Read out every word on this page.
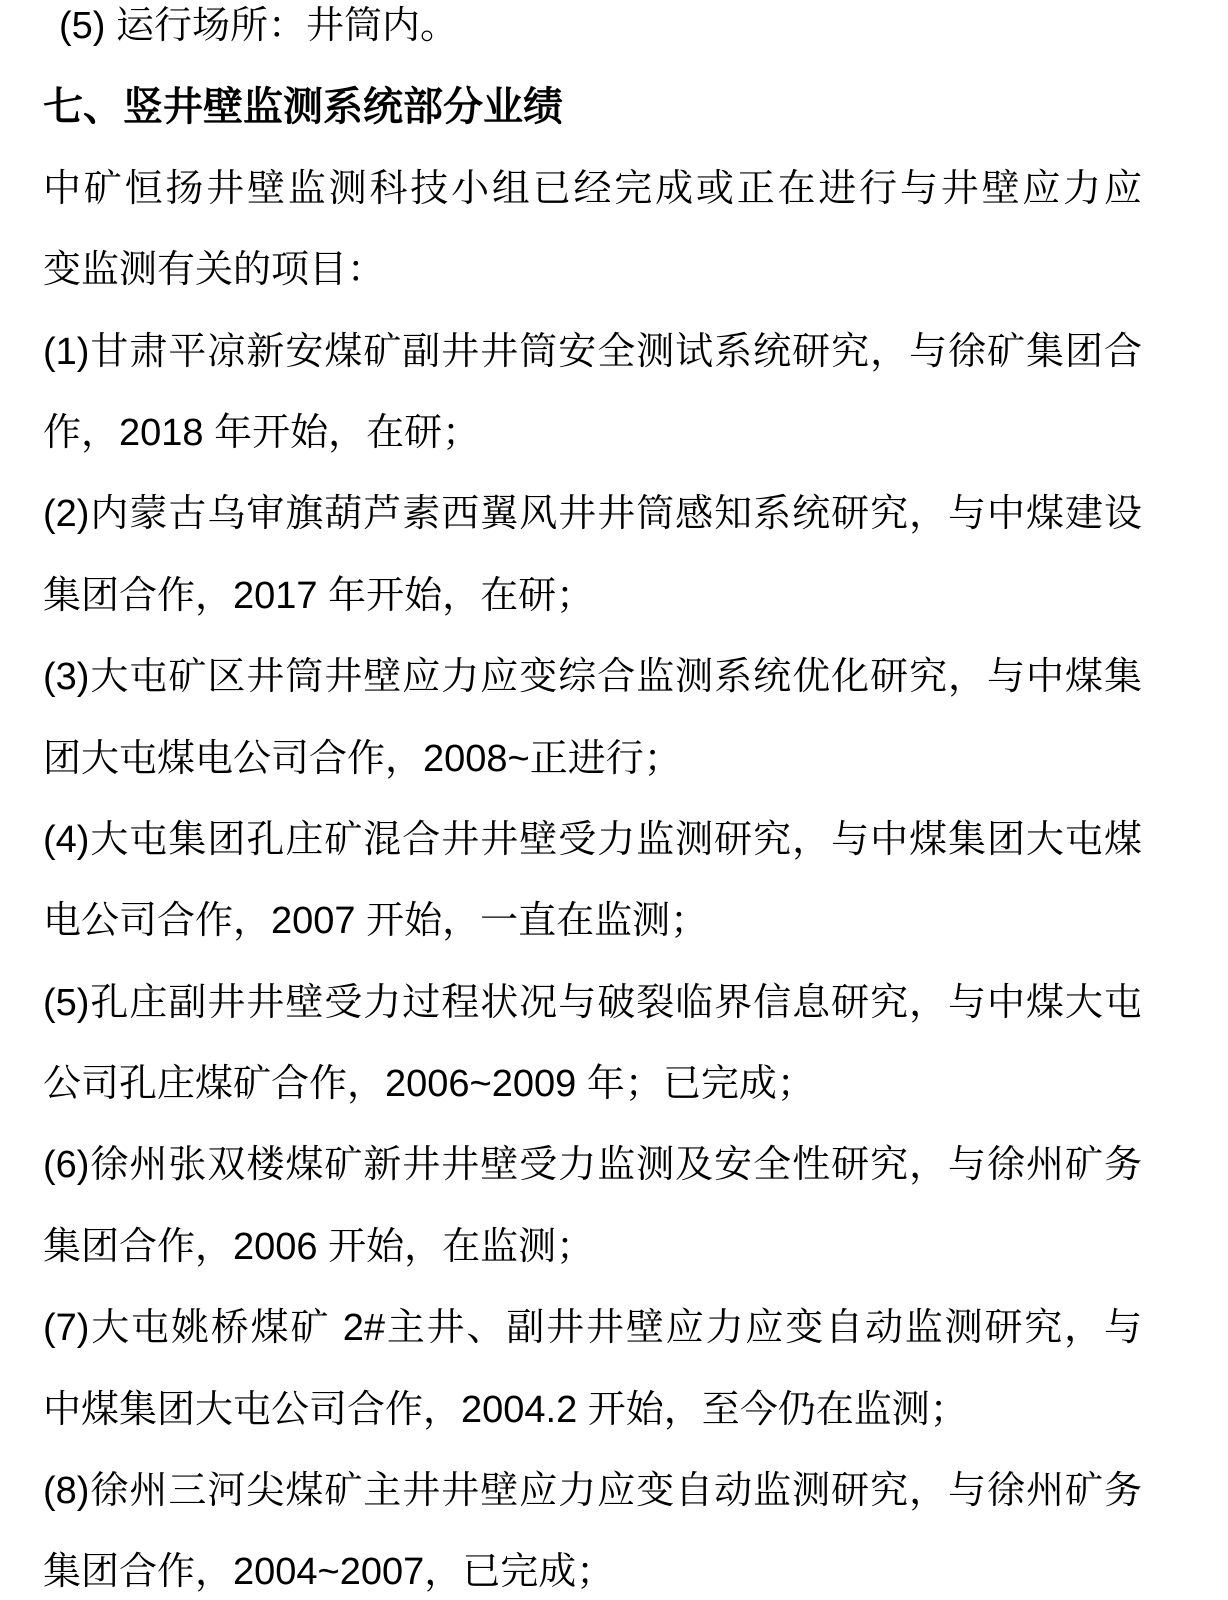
(5) 运行场所：井筒内。
七、竖井壁监测系统部分业绩
中矿恒扬井壁监测科技小组已经完成或正在进行与井壁应力应
变监测有关的项目：
(1)甘肃平凉新安煤矿副井井筒安全测试系统研究，与徐矿集团合
作，2018 年开始，在研；
(2)内蒙古乌审旗葫芦素西翼风井井筒感知系统研究，与中煤建设
集团合作，2017 年开始，在研；
(3)大屯矿区井筒井壁应力应变综合监测系统优化研究，与中煤集
团大屯煤电公司合作，2008~正进行；
(4)大屯集团孔庄矿混合井井壁受力监测研究，与中煤集团大屯煤
电公司合作，2007 开始，一直在监测；
(5)孔庄副井井壁受力过程状况与破裂临界信息研究，与中煤大屯
公司孔庄煤矿合作，2006~2009 年；已完成；
(6)徐州张双楼煤矿新井井壁受力监测及安全性研究，与徐州矿务
集团合作，2006 开始，在监测；
(7)大屯姚桥煤矿 2#主井、副井井壁应力应变自动监测研究，与
中煤集团大屯公司合作，2004.2 开始，至今仍在监测；
(8)徐州三河尖煤矿主井井壁应力应变自动监测研究，与徐州矿务
集团合作，2004~2007，已完成；
